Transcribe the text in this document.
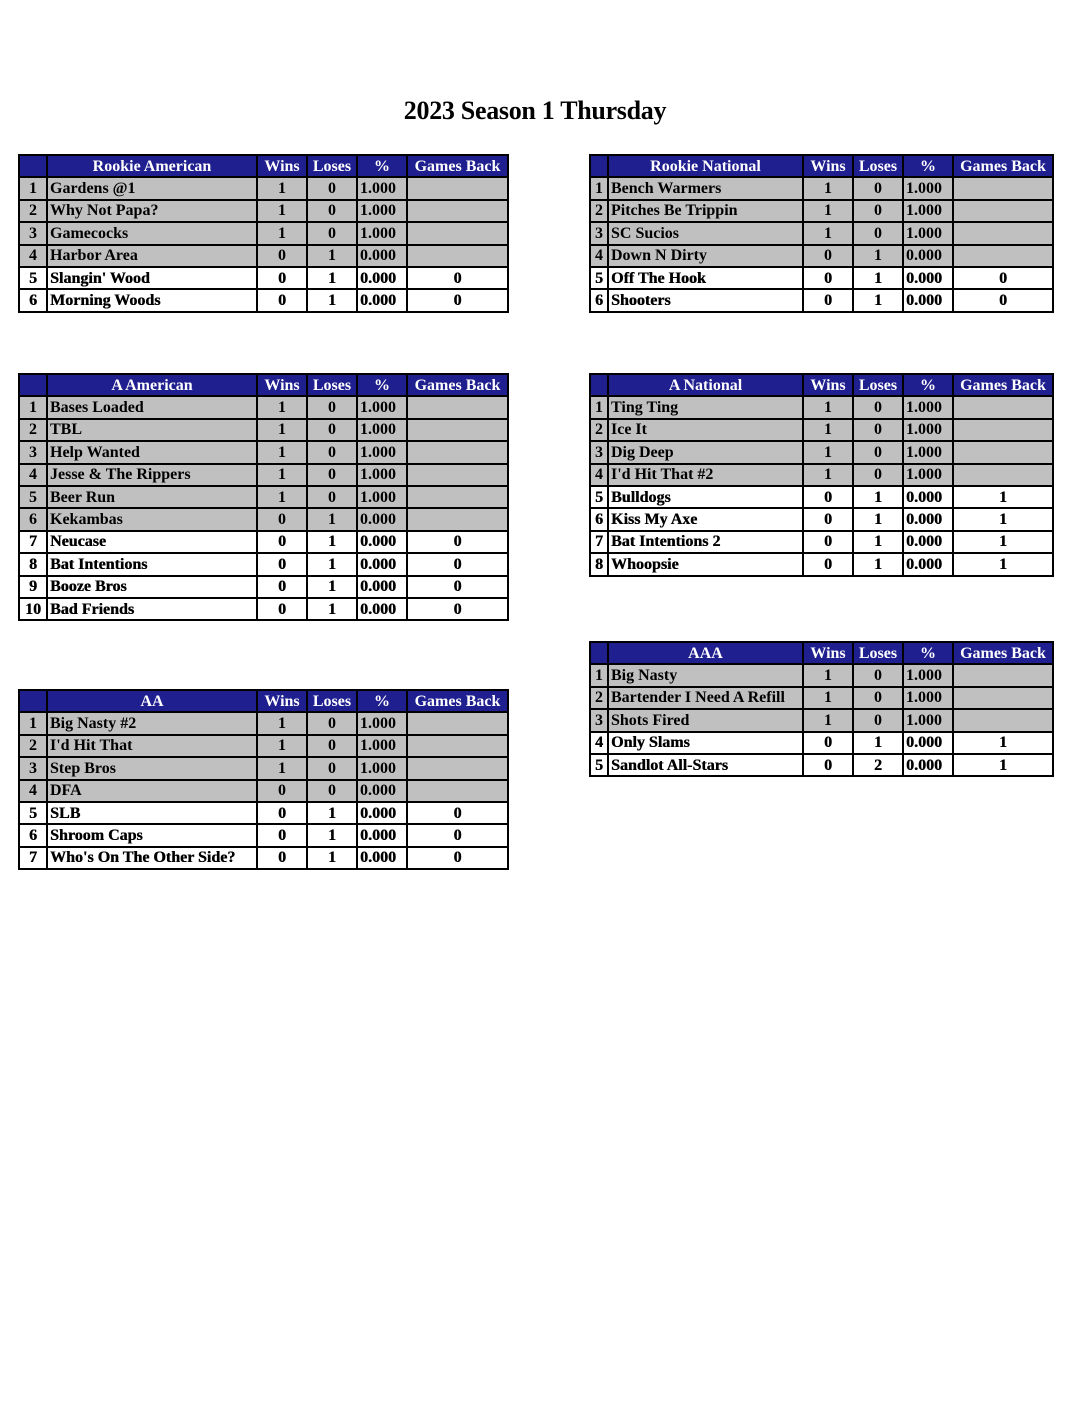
2023 Season 1 Thursday
	Rookie American	Wins	Loses	%	Games Back
1	Gardens @1	1	0	1.000	
2	Why Not Papa?	1	0	1.000	
3	Gamecocks	1	0	1.000	
4	Harbor Area	0	1	0.000	
5	Slangin' Wood	0	1	0.000	0
6	Morning Woods	0	1	0.000	0
	Rookie National	Wins	Loses	%	Games Back
1	Bench Warmers	1	0	1.000	
2	Pitches Be Trippin	1	0	1.000	
3	SC Sucios	1	0	1.000	
4	Down N Dirty	0	1	0.000	
5	Off The Hook	0	1	0.000	0
6	Shooters	0	1	0.000	0
	A American	Wins	Loses	%	Games Back
1	Bases Loaded	1	0	1.000	
2	TBL	1	0	1.000	
3	Help Wanted	1	0	1.000	
4	Jesse & The Rippers	1	0	1.000	
5	Beer Run	1	0	1.000	
6	Kekambas	0	1	0.000	
7	Neucase	0	1	0.000	0
8	Bat Intentions	0	1	0.000	0
9	Booze Bros	0	1	0.000	0
10	Bad Friends	0	1	0.000	0
	A National	Wins	Loses	%	Games Back
1	Ting Ting	1	0	1.000	
2	Ice It	1	0	1.000	
3	Dig Deep	1	0	1.000	
4	I'd Hit That #2	1	0	1.000	
5	Bulldogs	0	1	0.000	1
6	Kiss My Axe	0	1	0.000	1
7	Bat Intentions 2	0	1	0.000	1
8	Whoopsie	0	1	0.000	1
	AAA	Wins	Loses	%	Games Back
1	Big Nasty	1	0	1.000	
2	Bartender I Need A Refill	1	0	1.000	
3	Shots Fired	1	0	1.000	
4	Only Slams	0	1	0.000	1
5	Sandlot All-Stars	0	2	0.000	1
	AA	Wins	Loses	%	Games Back
1	Big Nasty #2	1	0	1.000	
2	I'd Hit That	1	0	1.000	
3	Step Bros	1	0	1.000	
4	DFA	0	0	0.000	
5	SLB	0	1	0.000	0
6	Shroom Caps	0	1	0.000	0
7	Who's On The Other Side?	0	1	0.000	0
